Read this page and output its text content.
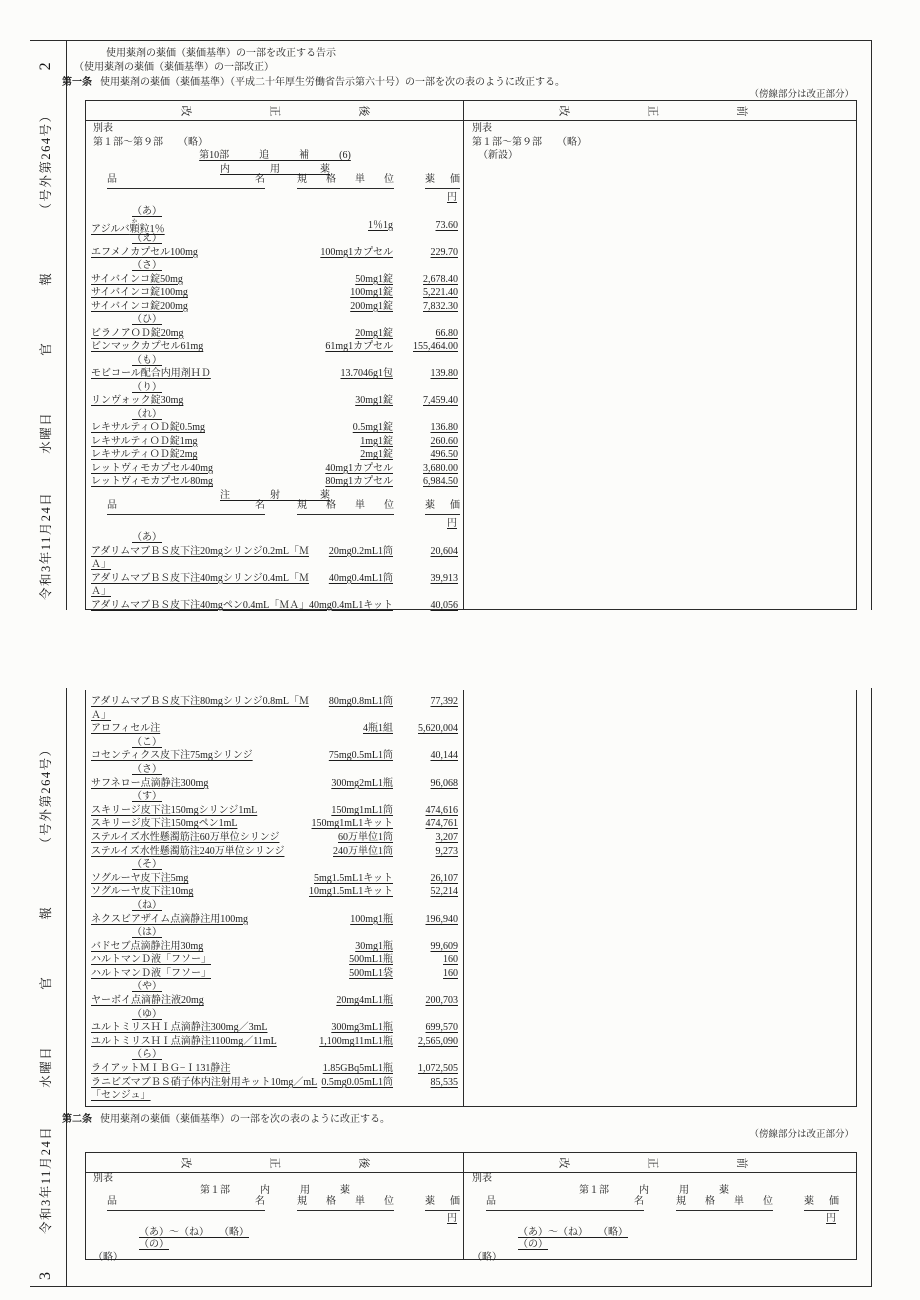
令和3年11月24日水曜日官報（号外第264号）2
使用薬剤の薬価（薬価基準）の一部を改正する告示
（使用薬剤の薬価（薬価基準）の一部改正）
第一条 使用薬剤の薬価（薬価基準）（平成二十年厚生労働省告示第六十号）の一部を次の表のように改正する。
（傍線部分は改正部分）
改	正	後	改	正	前
別表
第１部～第９部　　（略）
第10部　　　追　　　補　　　(6)
内　　　　用　　　　薬
品	名	規 格 単 位	薬 価
円
（あ）
アジルバ顆か粒1％	1％1g	73.60
（え）
エフメノカプセル100mg	100mg1カプセル	229.70
（さ）
サイバインコ錠50mg	50mg1錠	2,678.40
サイバインコ錠100mg	100mg1錠	5,221.40
サイバインコ錠200mg	200mg1錠	7,832.30
（ひ）
ビラノアＯＤ錠20mg	20mg1錠	66.80
ビンマックカプセル61mg	61mg1カプセル 155,464.00
（も）
モビコール配合内用剤ＨＤ	13.7046g1包	139.80
（り）
リンヴォック錠30mg	30mg1錠	7,459.40
（れ）
レキサルティＯＤ錠0.5mg	0.5mg1錠	136.80
レキサルティＯＤ錠1mg	1mg1錠	260.60
レキサルティＯＤ錠2mg	2mg1錠	496.50
レットヴィモカプセル40mg	40mg1カプセル	3,680.00
レットヴィモカプセル80mg	80mg1カプセル	6,984.50
注　　　　射　　　　薬
品	名	規 格 単 位	薬 価
円
（あ）
アダリムマブＢＳ皮下注20mgシリンジ0.2mL「Ｍ 20mg0.2mL1筒	20,604
Ａ」
アダリムマブＢＳ皮下注40mgシリンジ0.4mL「Ｍ 40mg0.4mL1筒	39,913
Ａ」
アダリムマブＢＳ皮下注40mgペン0.4mL「ＭＡ」 40mg0.4mL1キット	40,056
別表
第１部～第９部　　（略）
（新設）
3令和3年11月24日水曜日官報（号外第264号）
アダリムマブＢＳ皮下注80mgシリンジ0.8mL「Ｍ 80mg0.8mL1筒	77,392
Ａ」
アロフィセル注	4瓶1組	5,620,004
（こ）
コセンティクス皮下注75mgシリンジ	75mg0.5mL1筒	40,144
（さ）
サフネロー点滴静注300mg	300mg2mL1瓶	96,068
（す）
スキリージ皮下注150mgシリンジ1mL	150mg1mL1筒	474,616
スキリージ皮下注150mgペン1mL	150mg1mL1キット	474,761
ステルイズ水性懸濁筋注60万単位シリンジ	60万単位1筒	3,207
ステルイズ水性懸濁筋注240万単位シリンジ	240万単位1筒	9,273
（そ）
ソグルーヤ皮下注5mg	5mg1.5mL1キット	26,107
ソグルーヤ皮下注10mg	10mg1.5mL1キット	52,214
（ね）
ネクスビアザイム点滴静注用100mg	100mg1瓶	196,940
（は）
バドセブ点滴静注用30mg	30mg1瓶	99,609
ハルトマンＤ液「フソー」	500mL1瓶	160
ハルトマンＤ液「フソー」	500mL1袋	160
（や）
ヤーボイ点滴静注液20mg	20mg4mL1瓶	200,703
（ゆ）
ユルトミリスＨＩ点滴静注300mg／3mL	300mg3mL1瓶	699,570
ユルトミリスＨＩ点滴静注1100mg／11mL	1,100mg11mL1瓶	2,565,090
（ら）
ライアットＭＩＢＧ−Ｉ131静注	1.85GBq5mL1瓶	1,072,505
ラニビズマブＢＳ硝子体内注射用キット10mg／mL 0.5mg0.05mL1筒	85,535
「センジュ」
第二条 使用薬剤の薬価（薬価基準）の一部を次の表のように改正する。
（傍線部分は改正部分）
改	正	後	改	正	前
別表
第１部　　　内　　　用　　　薬
品	名	規 格 単 位	薬 価
円
（あ）～（ね）　　（略）
（の）
（略）
別表
第１部　　　内　　　用　　　薬
品	名	規 格 単 位	薬 価
円
（あ）～（ね）　　（略）
（の）
（略）
